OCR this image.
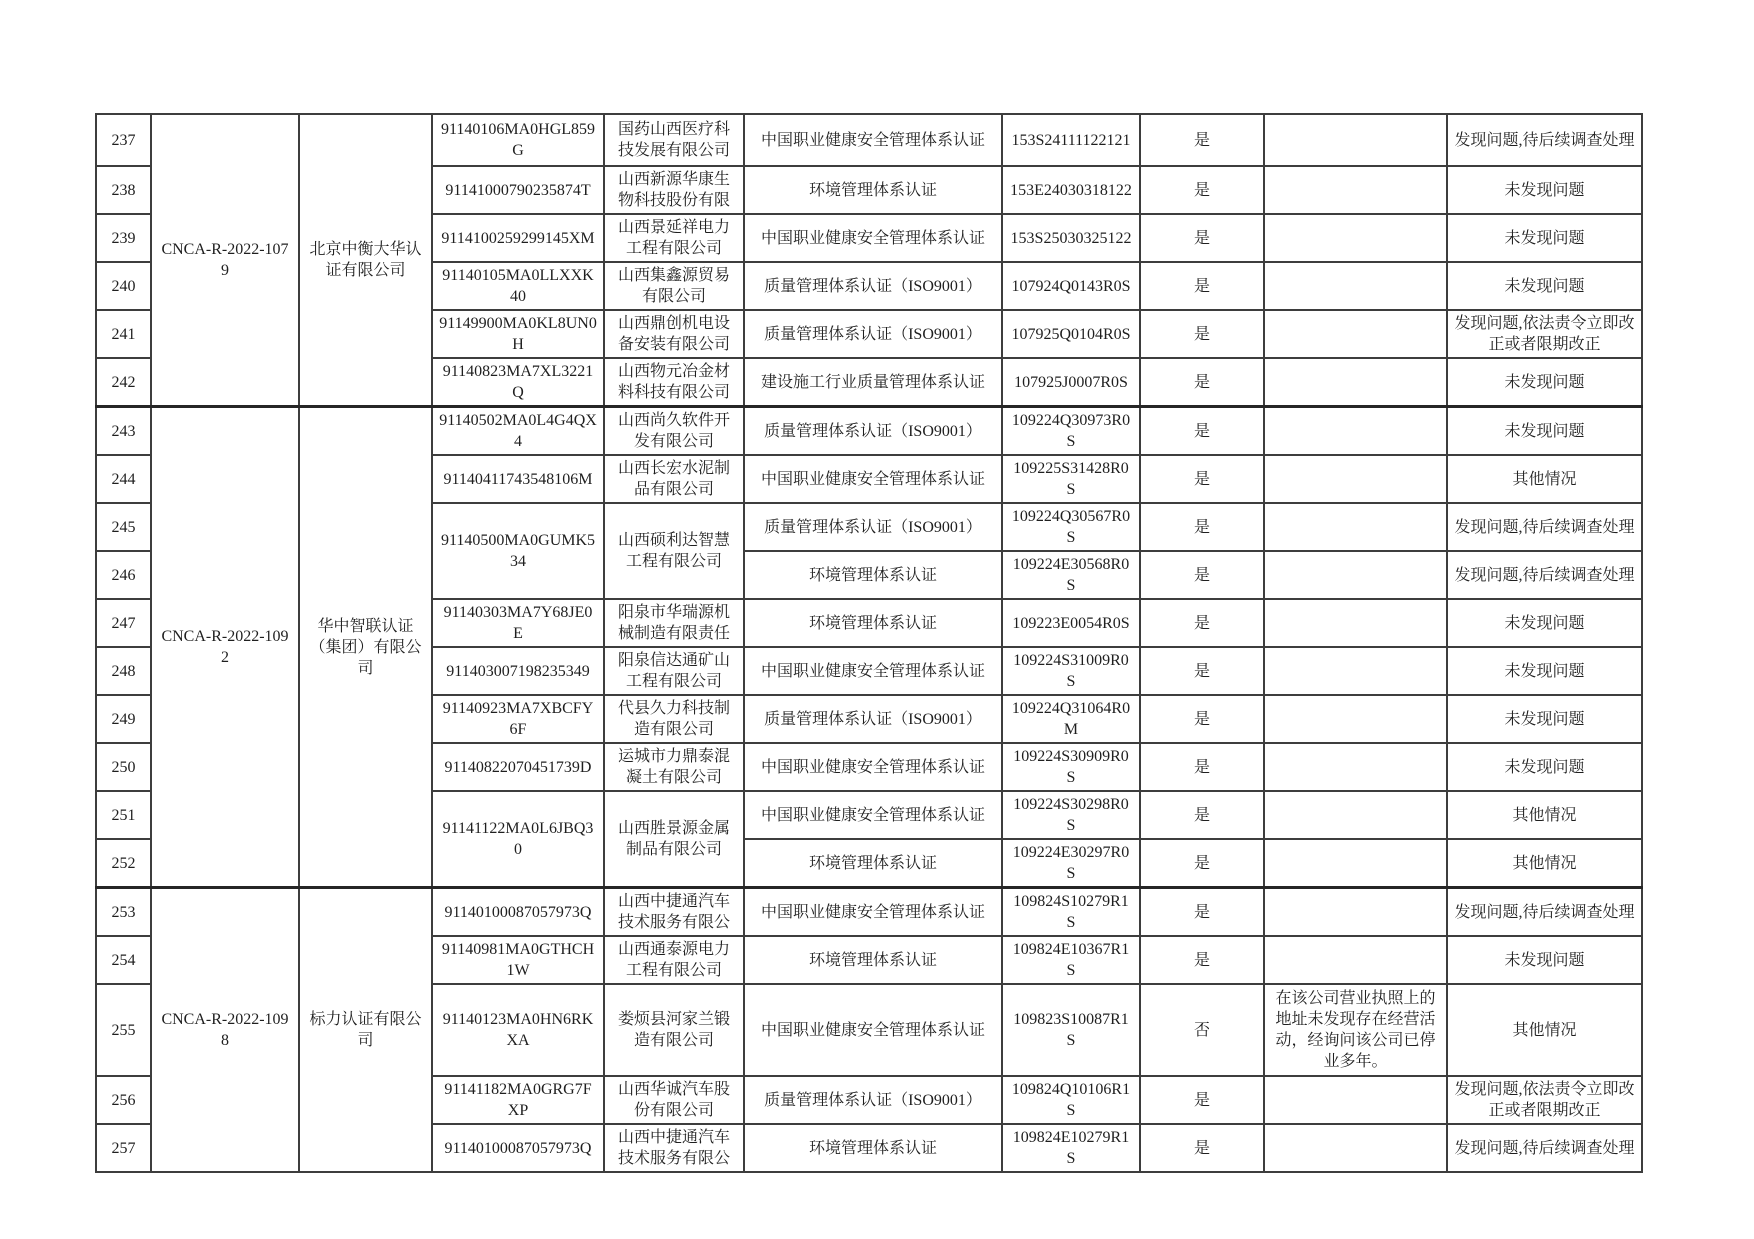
237	CNCA-R-2022-1079	北京中衡大华认证有限公司	91140106MA0HGL859G	国药山西医疗科技发展有限公司	中国职业健康安全管理体系认证	153S24111122121	是		发现问题,待后续调查处理
238			91141000790235874T	山西新源华康生物科技股份有限	环境管理体系认证	153E24030318122	是		未发现问题
239			9114100259299145XM	山西景延祥电力工程有限公司	中国职业健康安全管理体系认证	153S25030325122	是		未发现问题
240			91140105MA0LLXXK40	山西集鑫源贸易有限公司	质量管理体系认证（ISO9001）	107924Q0143R0S	是		未发现问题
241			91149900MA0KL8UN0H	山西鼎创机电设备安装有限公司	质量管理体系认证（ISO9001）	107925Q0104R0S	是		发现问题,依法责令立即改正或者限期改正
242			91140823MA7XL3221Q	山西物元冶金材料科技有限公司	建设施工行业质量管理体系认证	107925J0007R0S	是		未发现问题
243	CNCA-R-2022-1092	华中智联认证（集团）有限公司	91140502MA0L4G4QX4	山西尚久软件开发有限公司	质量管理体系认证（ISO9001）	109224Q30973R0S	是		未发现问题
244			91140411743548106M	山西长宏水泥制品有限公司	中国职业健康安全管理体系认证	109225S31428R0S	是		其他情况
245			91140500MA0GUMK534	山西硕利达智慧工程有限公司	质量管理体系认证（ISO9001）	109224Q30567R0S	是		发现问题,待后续调查处理
246					环境管理体系认证	109224E30568R0S	是		发现问题,待后续调查处理
247			91140303MA7Y68JE0E	阳泉市华瑞源机械制造有限责任	环境管理体系认证	109223E0054R0S	是		未发现问题
248			911403007198235349	阳泉信达通矿山工程有限公司	中国职业健康安全管理体系认证	109224S31009R0S	是		未发现问题
249			91140923MA7XBCFY6F	代县久力科技制造有限公司	质量管理体系认证（ISO9001）	109224Q31064R0M	是		未发现问题
250			91140822070451739D	运城市力鼎泰混凝土有限公司	中国职业健康安全管理体系认证	109224S30909R0S	是		未发现问题
251			91141122MA0L6JBQ30	山西胜景源金属制品有限公司	中国职业健康安全管理体系认证	109224S30298R0S	是		其他情况
252					环境管理体系认证	109224E30297R0S	是		其他情况
253	CNCA-R-2022-1098	标力认证有限公司	91140100087057973Q	山西中捷通汽车技术服务有限公	中国职业健康安全管理体系认证	109824S10279R1S	是		发现问题,待后续调查处理
254			91140981MA0GTHCH1W	山西通泰源电力工程有限公司	环境管理体系认证	109824E10367R1S	是		未发现问题
255			91140123MA0HN6RKXA	娄烦县河家兰锻造有限公司	中国职业健康安全管理体系认证	109823S10087R1S	否	在该公司营业执照上的地址未发现存在经营活动，经询问该公司已停业多年。	其他情况
256			91141182MA0GRG7FXP	山西华诚汽车股份有限公司	质量管理体系认证（ISO9001）	109824Q10106R1S	是		发现问题,依法责令立即改正或者限期改正
257			91140100087057973Q	山西中捷通汽车技术服务有限公	环境管理体系认证	109824E10279R1S	是		发现问题,待后续调查处理
